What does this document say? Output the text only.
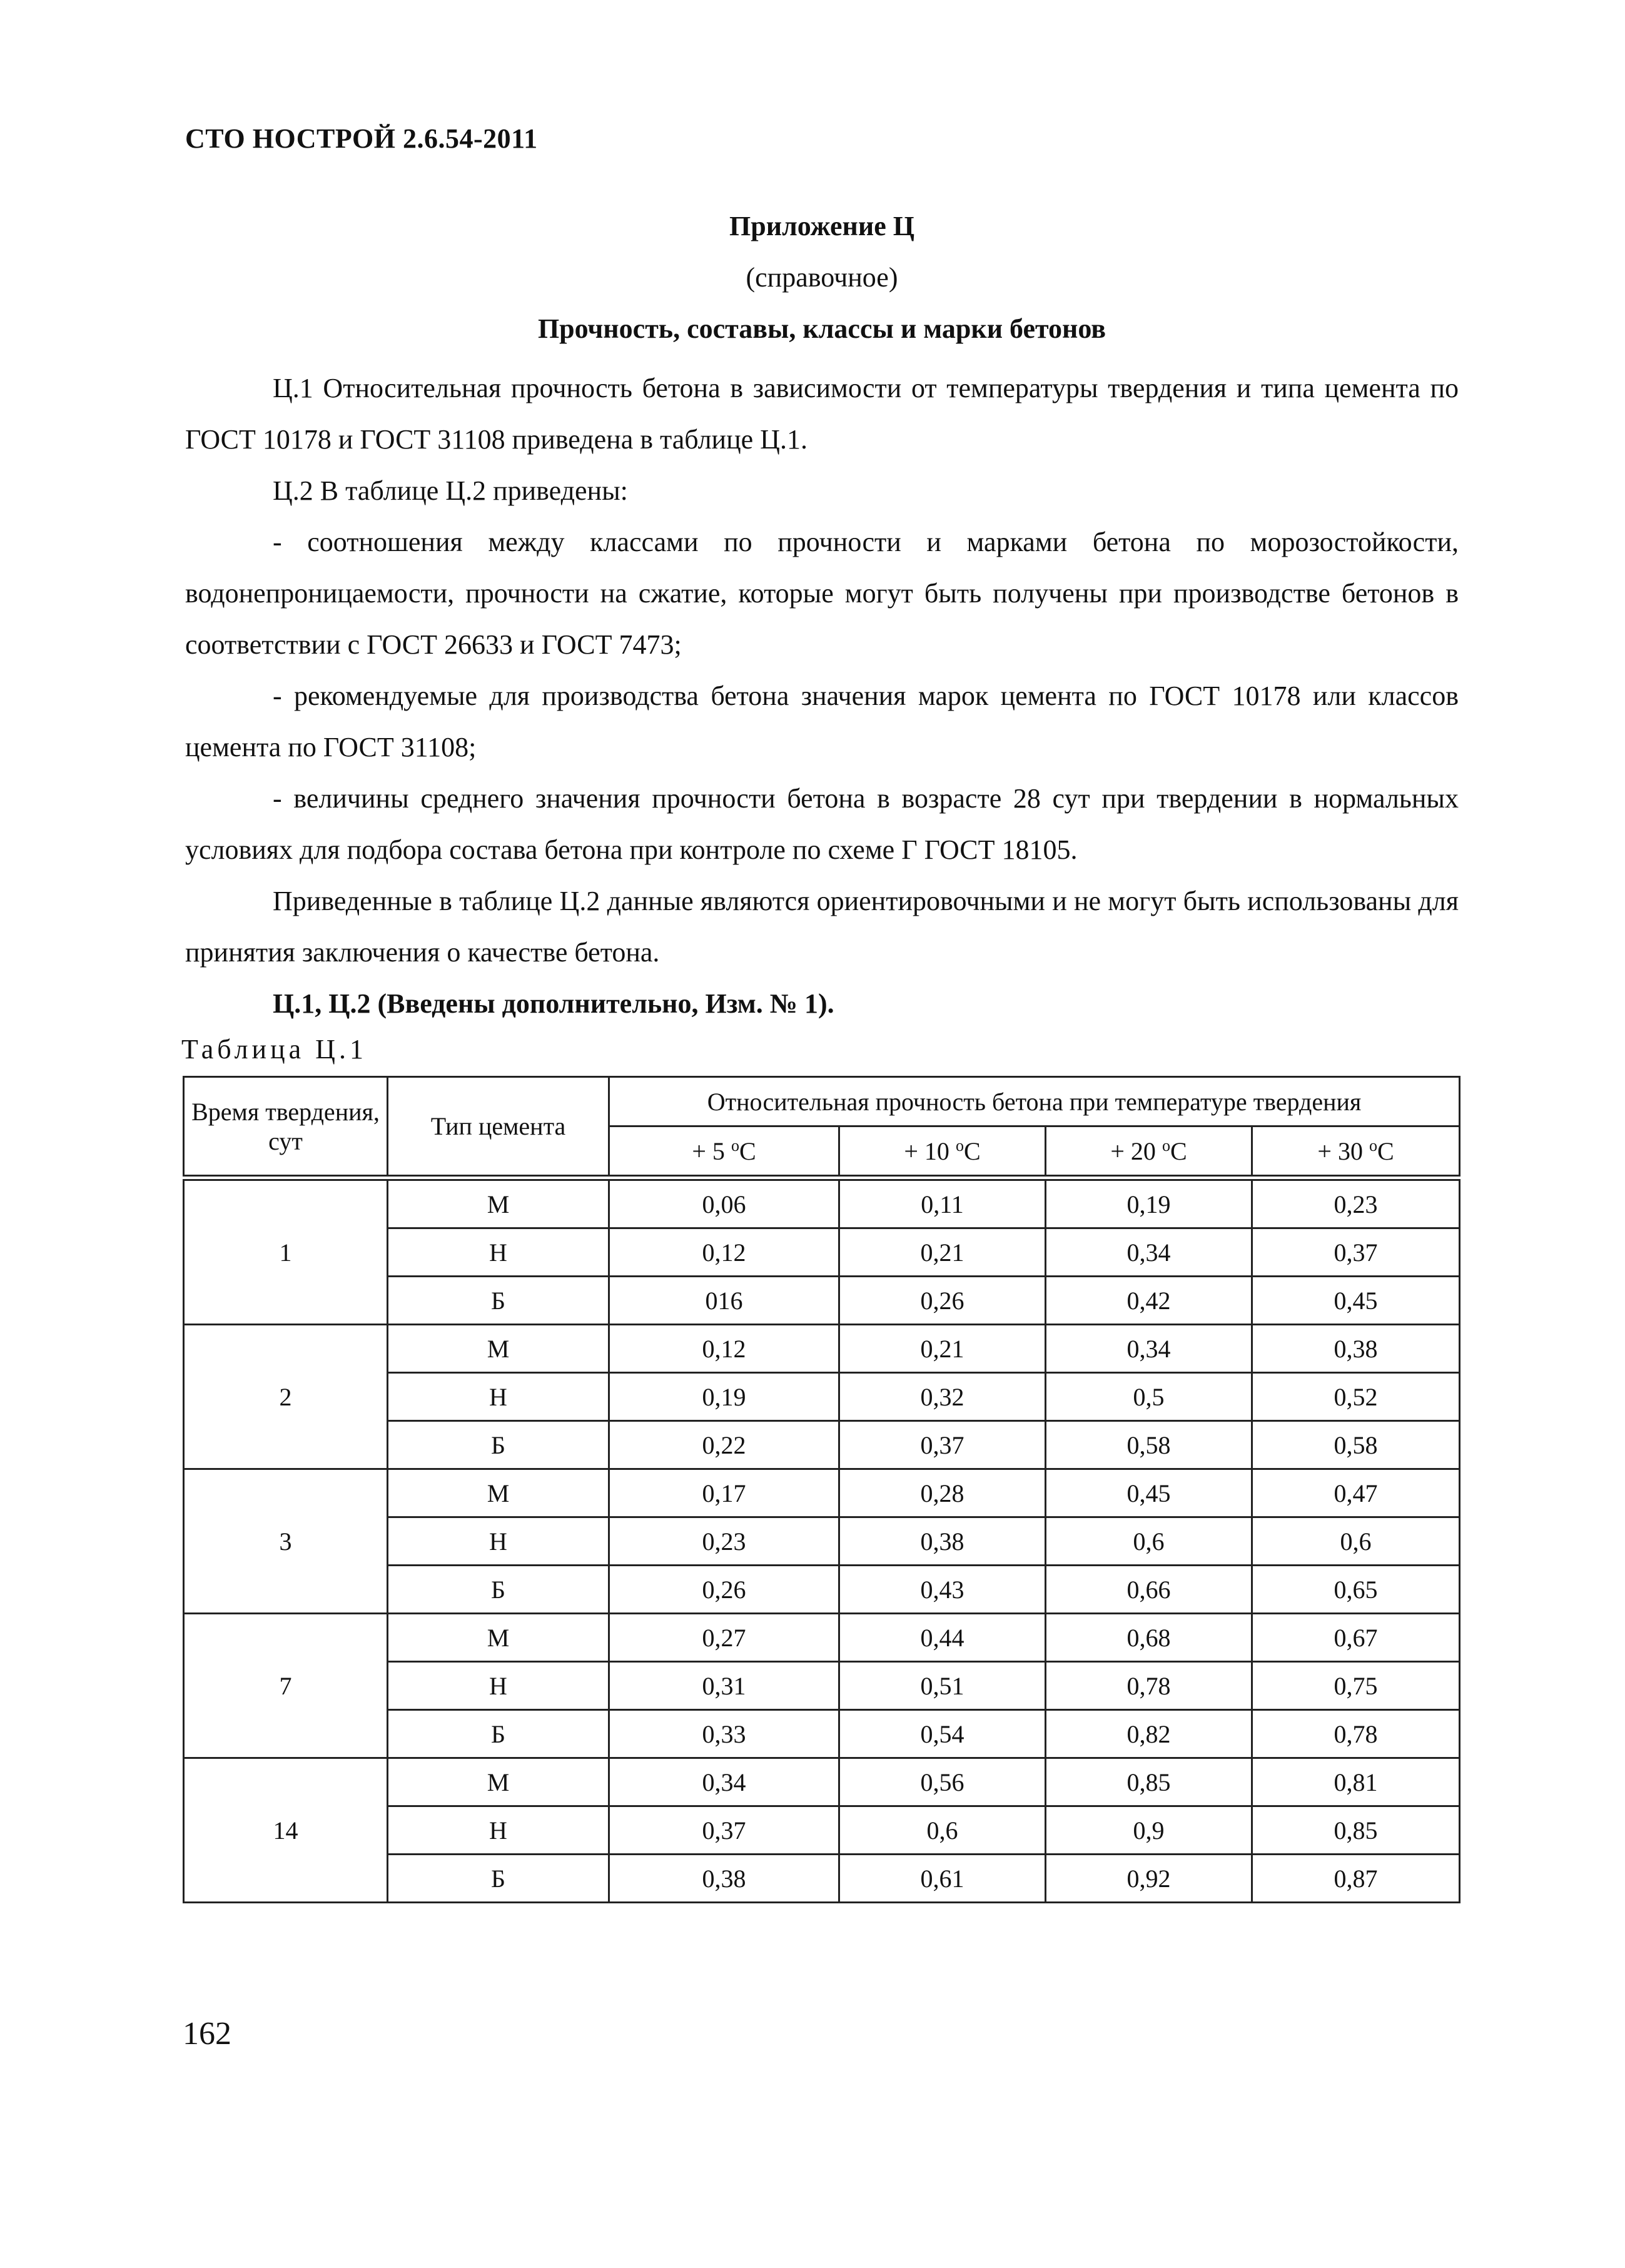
СТО НОСТРОЙ 2.6.54-2011
Приложение Ц
(справочное)
Прочность, составы, классы и марки бетонов

Ц.1 Относительная прочность бетона в зависимости от температуры твердения и типа цемента по ГОСТ 10178 и ГОСТ 31108 приведена в таблице Ц.1.

Ц.2 В таблице Ц.2 приведены:

- соотношения между классами по прочности и марками бетона по морозостойкости, водонепроницаемости, прочности на сжатие, которые могут быть получены при производстве бетонов в соответствии с ГОСТ 26633 и ГОСТ 7473;

- рекомендуемые для производства бетона значения марок цемента по ГОСТ 10178 или классов цемента по ГОСТ 31108;

- величины среднего значения прочности бетона в возрасте 28 сут при твердении в нормальных условиях для подбора состава бетона при контроле по схеме Г ГОСТ 18105.

Приведенные в таблице Ц.2 данные являются ориентировочными и не могут быть использованы для принятия заключения о качестве бетона.

Ц.1, Ц.2 (Введены дополнительно, Изм. № 1).

Таблица Ц.1
Время твердения, сут	Тип цемента	Относительная прочность бетона при температуре твердения			
		+ 5 $^o$C	+ 10 $^o$C	+ 20 $^o$C	+ 30 $^o$C
1	М	0,06	0,11	0,19	0,23
	Н	0,12	0,21	0,34	0,37
	Б	016	0,26	0,42	0,45
2	М	0,12	0,21	0,34	0,38
	Н	0,19	0,32	0,5	0,52
	Б	0,22	0,37	0,58	0,58
3	М	0,17	0,28	0,45	0,47
	Н	0,23	0,38	0,6	0,6
	Б	0,26	0,43	0,66	0,65
7	М	0,27	0,44	0,68	0,67
	Н	0,31	0,51	0,78	0,75
	Б	0,33	0,54	0,82	0,78
14	М	0,34	0,56	0,85	0,81
	Н	0,37	0,6	0,9	0,85
	Б	0,38	0,61	0,92	0,87
162
